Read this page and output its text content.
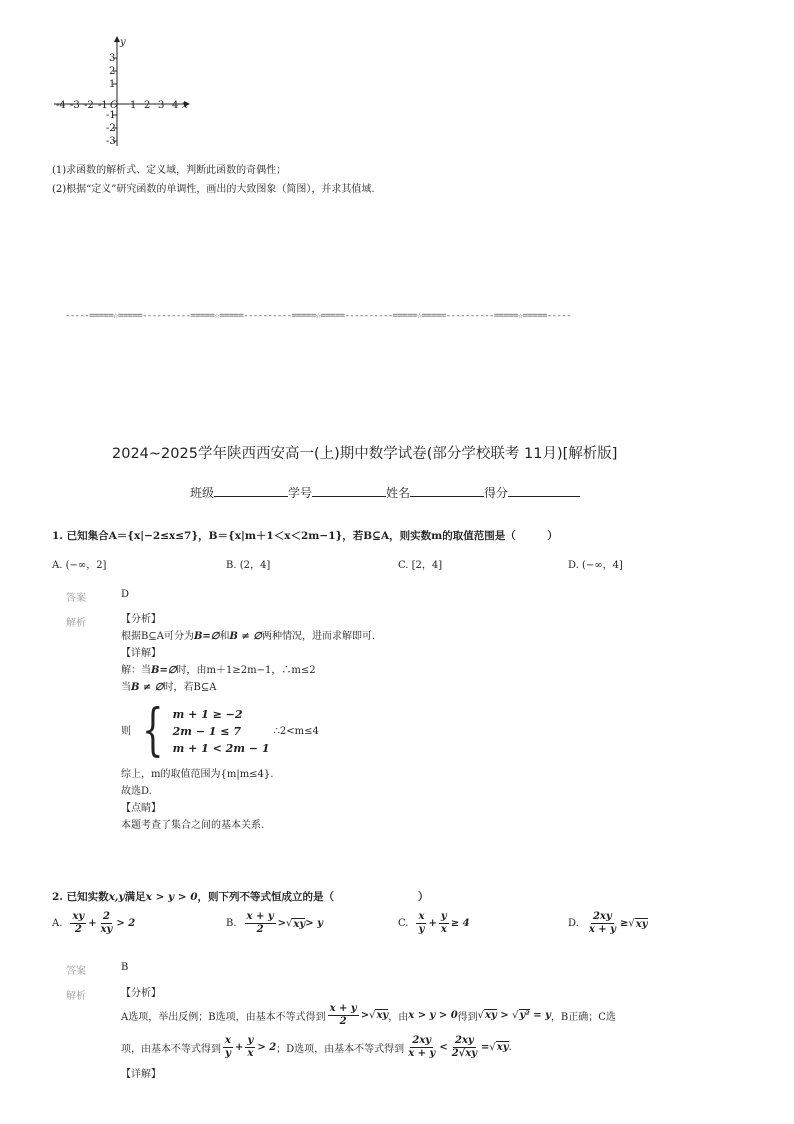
-4 -3 -2 -1 O 1 2 3 4 x
y
3
2
1
-1
-2
-3
(1)求函数的解析式、定义域，判断此函数的奇偶性；
(2)根据“定义”研究函数的单调性，画出的大致图象（简图），并求其值域.
-----=====☆=====----------=====☆=====----------=====☆=====----------=====☆=====----------=====☆=====-----
2024~2025学年陕西西安高一(上)期中数学试卷(部分学校联考 11月)[解析版]
班级	学号	姓名	得分
1. 已知集合A＝{x|−2≤x≤7}，B＝{x|m＋1＜x＜2m−1}，若B⊆A，则实数m的取值范围是（　　　）
A. (−∞，2]	B. (2，4]	C. [2，4]	D. (−∞，4]
答案	D
解析	【分析】
根据B⊆A可分为B=∅和B ≠ ∅两种情况，进而求解即可.
【详解】
解：当B=∅时，由m＋1≥2m−1，∴m≤2
当B ≠ ∅时，若B⊆A
则 { m + 1 ≥ −2
2m − 1 ≤ 7
m + 1 < 2m − 1
∴2<m≤4
综上，m的取值范围为{m|m≤4}.
故选D.
【点睛】
本题考查了集合之间的基本关系.
2. 已知实数x,y满足x > y > 0，则下列不等式恒成立的是（　　　　　　　　）
A. $\frac{xy}{2} + \frac{2}{xy} > 2$	B. $\frac{x + y}{2}$ > √ xy > y	C. $\frac{x}{y} + \frac{y}{x} \ge 4$	D. $\frac{2xy}{x + y}$ ≥ √ xy
答案	B
解析	【分析】
A选项，举出反例；B选项，由基本不等式得到 $\frac{x + y}{2}$ > √ xy ，由 x > y > 0 得到 √ xy > √ y² = y ，B正确；C选
项，由基本不等式得到 $\frac{x}{y} + \frac{y}{x} > 2$ ；D选项，由基本不等式得到 $\frac{2xy}{x + y} < \frac{2xy}{2√xy}$ = √ xy .
【详解】
